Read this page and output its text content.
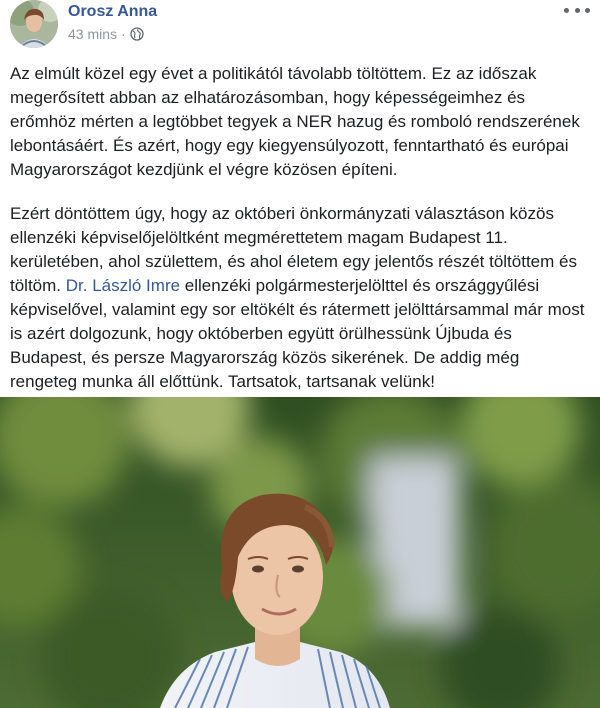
Orosz Anna
43 mins ·

Az elmúlt közel egy évet a politikától távolabb töltöttem. Ez az időszak megerősített abban az elhatározásomban, hogy képességeimhez és erőmhöz mérten a legtöbbet tegyek a NER hazug és romboló rendszerének lebontásáért. És azért, hogy egy kiegyensúlyozott, fenntartható és európai Magyarországot kezdjünk el végre közösen építeni.

Ezért döntöttem úgy, hogy az októberi önkormányzati választáson közös ellenzéki képviselőjelöltként megmérettetem magam Budapest 11. kerületében, ahol születtem, és ahol életem egy jelentős részét töltöttem és töltöm. Dr. László Imre ellenzéki polgármesterjelölttel és országgyűlési képviselővel, valamint egy sor eltökélt és rátermett jelölttársammal már most is azért dolgozunk, hogy októberben együtt örülhessünk Újbuda és Budapest, és persze Magyarország közös sikerének. De addig még rengeteg munka áll előttünk. Tartsatok, tartsanak velünk!
